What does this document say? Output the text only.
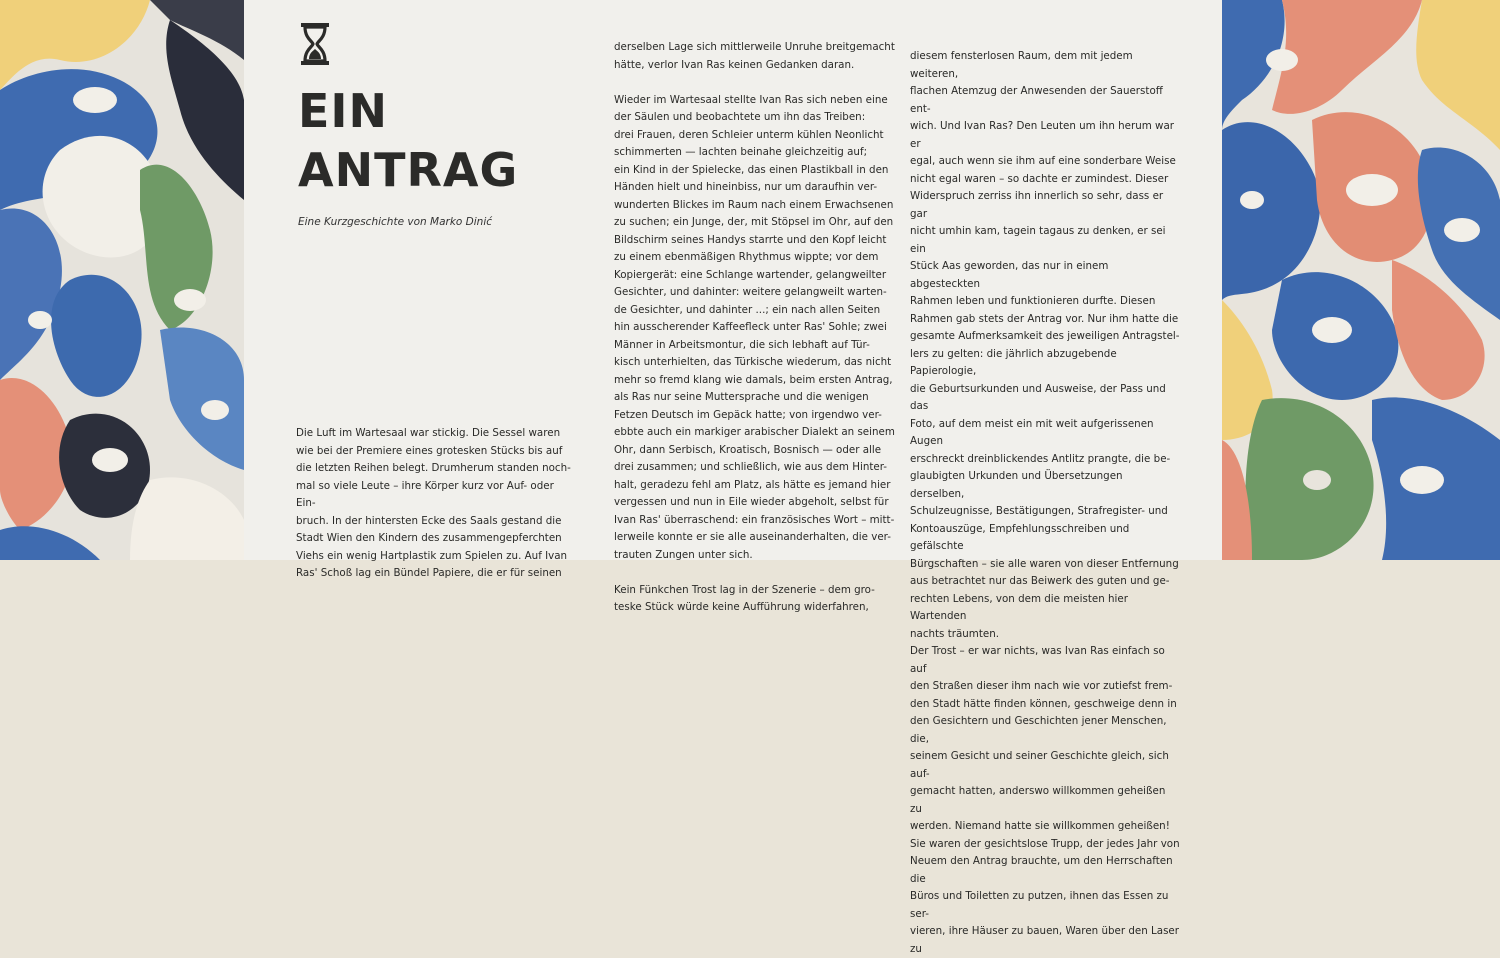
EIN
ANTRAG

Eine Kurzgeschichte von Marko Dinić

Die Luft im Wartesaal war stickig. Die Sessel waren
wie bei der Premiere eines grotesken Stücks bis auf
die letzten Reihen belegt. Drumherum standen noch-
mal so viele Leute – ihre Körper kurz vor Auf- oder Ein-
bruch. In der hintersten Ecke des Saals gestand die
Stadt Wien den Kindern des zusammengepferchten
Viehs ein wenig Hartplastik zum Spielen zu. Auf Ivan
Ras' Schoß lag ein Bündel Papiere, die er für seinen

derselben Lage sich mittlerweile Unruhe breitgemacht
hätte, verlor Ivan Ras keinen Gedanken daran.

Wieder im Wartesaal stellte Ivan Ras sich neben eine
der Säulen und beobachtete um ihn das Treiben:
drei Frauen, deren Schleier unterm kühlen Neonlicht
schimmerten — lachten beinahe gleichzeitig auf;
ein Kind in der Spielecke, das einen Plastikball in den
Händen hielt und hineinbiss, nur um daraufhin ver-
wunderten Blickes im Raum nach einem Erwachsenen
zu suchen; ein Junge, der, mit Stöpsel im Ohr, auf den
Bildschirm seines Handys starrte und den Kopf leicht
zu einem ebenmäßigen Rhythmus wippte; vor dem
Kopiergerät: eine Schlange wartender, gelangweilter
Gesichter, und dahinter: weitere gelangweilt warten-
de Gesichter, und dahinter ...; ein nach allen Seiten
hin ausscherender Kaffeefleck unter Ras' Sohle; zwei
Männer in Arbeitsmontur, die sich lebhaft auf Tür-
kisch unterhielten, das Türkische wiederum, das nicht
mehr so fremd klang wie damals, beim ersten Antrag,
als Ras nur seine Muttersprache und die wenigen
Fetzen Deutsch im Gepäck hatte; von irgendwo ver-
ebbte auch ein markiger arabischer Dialekt an seinem
Ohr, dann Serbisch, Kroatisch, Bosnisch — oder alle
drei zusammen; und schließlich, wie aus dem Hinter-
halt, geradezu fehl am Platz, als hätte es jemand hier
vergessen und nun in Eile wieder abgeholt, selbst für
Ivan Ras' überraschend: ein französisches Wort – mitt-
lerweile konnte er sie alle auseinanderhalten, die ver-
trauten Zungen unter sich.

Kein Fünkchen Trost lag in der Szenerie – dem gro-
teske Stück würde keine Aufführung widerfahren,

diesem fensterlosen Raum, dem mit jedem weiteren,
flachen Atemzug der Anwesenden der Sauerstoff ent-
wich. Und Ivan Ras? Den Leuten um ihn herum war er
egal, auch wenn sie ihm auf eine sonderbare Weise
nicht egal waren – so dachte er zumindest. Dieser
Widerspruch zerriss ihn innerlich so sehr, dass er gar
nicht umhin kam, tagein tagaus zu denken, er sei ein
Stück Aas geworden, das nur in einem abgesteckten
Rahmen leben und funktionieren durfte. Diesen
Rahmen gab stets der Antrag vor. Nur ihm hatte die
gesamte Aufmerksamkeit des jeweiligen Antragstel-
lers zu gelten: die jährlich abzugebende Papierologie,
die Geburtsurkunden und Ausweise, der Pass und das
Foto, auf dem meist ein mit weit aufgerissenen Augen
erschreckt dreinblickendes Antlitz prangte, die be-
glaubigten Urkunden und Übersetzungen derselben,
Schulzeugnisse, Bestätigungen, Strafregister- und
Kontoauszüge, Empfehlungsschreiben und gefälschte
Bürgschaften – sie alle waren von dieser Entfernung
aus betrachtet nur das Beiwerk des guten und ge-
rechten Lebens, von dem die meisten hier Wartenden
nachts träumten.

Der Trost – er war nichts, was Ivan Ras einfach so auf
den Straßen dieser ihm nach wie vor zutiefst frem-
den Stadt hätte finden können, geschweige denn in
den Gesichtern und Geschichten jener Menschen, die,
seinem Gesicht und seiner Geschichte gleich, sich auf-
gemacht hatten, anderswo willkommen geheißen zu
werden. Niemand hatte sie willkommen geheißen!
Sie waren der gesichtslose Trupp, der jedes Jahr von
Neuem den Antrag brauchte, um den Herrschaften die
Büros und Toiletten zu putzen, ihnen das Essen zu ser-
vieren, ihre Häuser zu bauen, Waren über den Laser zu
